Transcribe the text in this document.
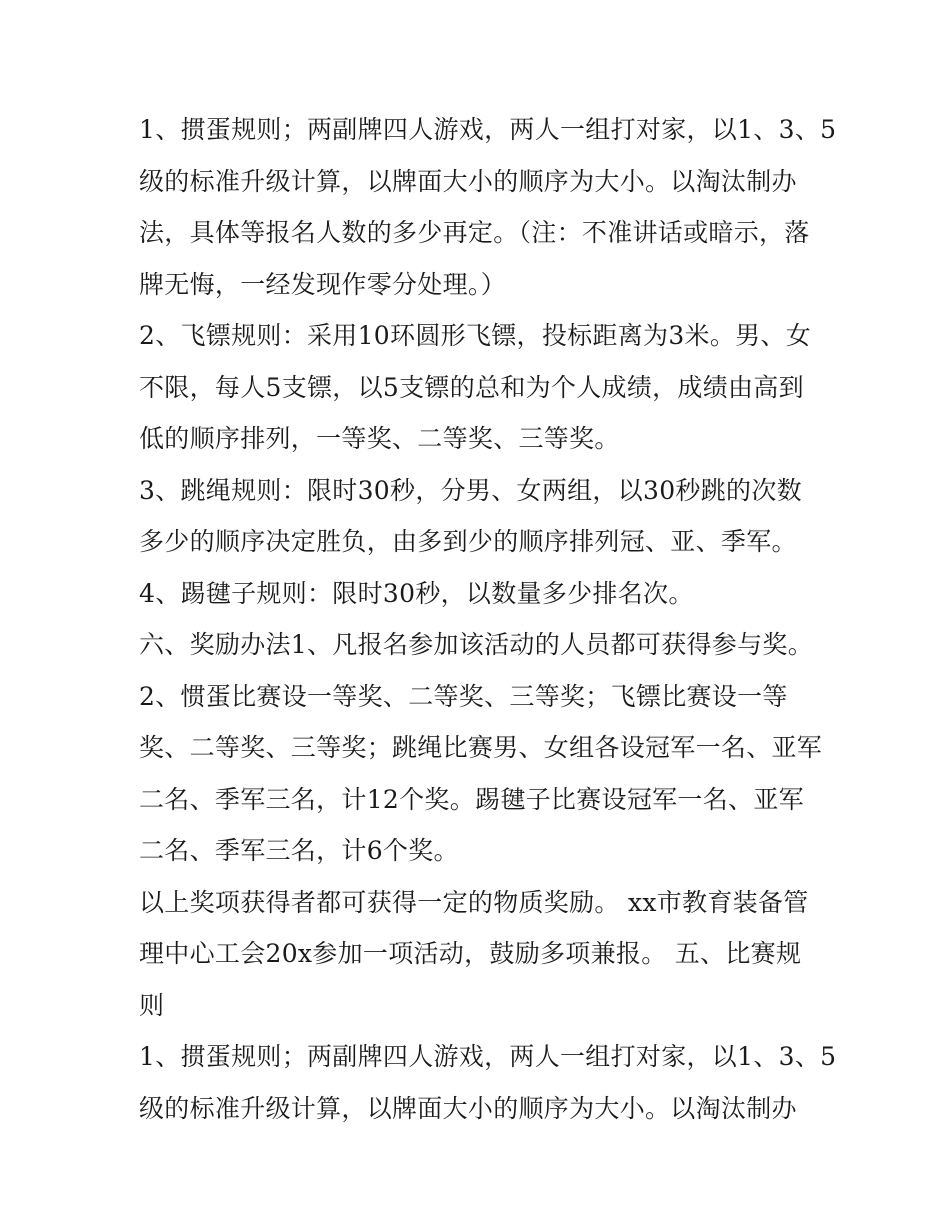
1、掼蛋规则；两副牌四人游戏，两人一组打对家，以1、3、5
级的标准升级计算，以牌面大小的顺序为大小。以淘汰制办
法，具体等报名人数的多少再定。（注：不准讲话或暗示，落
牌无悔，一经发现作零分处理。）
2、飞镖规则：采用10环圆形飞镖，投标距离为3米。男、女
不限，每人5支镖，以5支镖的总和为个人成绩，成绩由高到
低的顺序排列，一等奖、二等奖、三等奖。
3、跳绳规则：限时30秒，分男、女两组，以30秒跳的次数
多少的顺序决定胜负，由多到少的顺序排列冠、亚、季军。
4、踢毽子规则：限时30秒，以数量多少排名次。
六、奖励办法1、凡报名参加该活动的人员都可获得参与奖。
2、惯蛋比赛设一等奖、二等奖、三等奖；飞镖比赛设一等
奖、二等奖、三等奖；跳绳比赛男、女组各设冠军一名、亚军
二名、季军三名，计12个奖。踢毽子比赛设冠军一名、亚军
二名、季军三名，计6个奖。
以上奖项获得者都可获得一定的物质奖励。 xx市教育装备管
理中心工会20x参加一项活动，鼓励多项兼报。 五、比赛规
则
1、掼蛋规则；两副牌四人游戏，两人一组打对家，以1、3、5
级的标准升级计算，以牌面大小的顺序为大小。以淘汰制办
